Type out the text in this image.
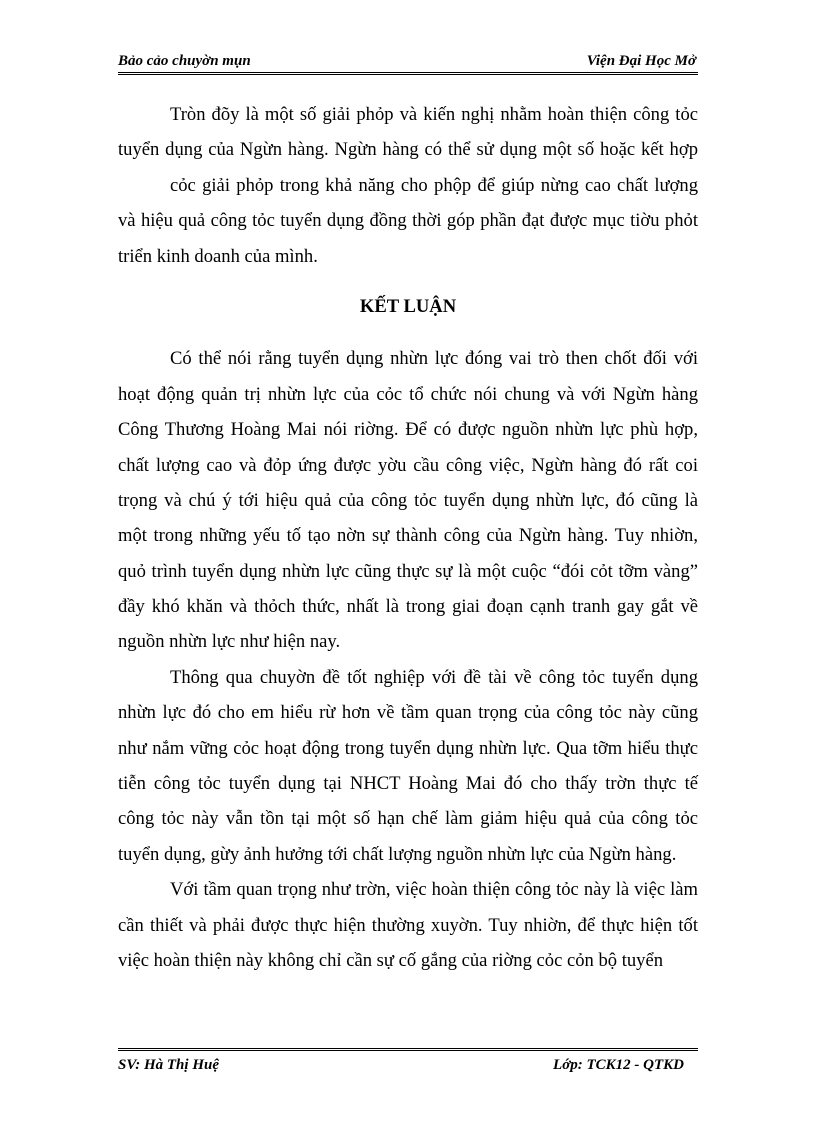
Bảo cảo chuyờn mụn	Viện Đại Học Mở
Tròn đõy là một số giải phỏp và kiến nghị nhằm hoàn thiện công tỏc
tuyển dụng của Ngừn hàng. Ngừn hàng có thể sử dụng một số hoặc kết hợp
cỏc giải phỏp trong khả năng cho phộp để giúp nừng cao chất lượng
và hiệu quả công tỏc tuyển dụng đồng thời góp phần đạt được mục tiờu phỏt
triển kinh doanh của mình.
KẾT LUẬN
Có thể nói rằng tuyển dụng nhừn lực đóng vai trò then chốt đối với
hoạt động quản trị nhừn lực của cỏc tổ chức nói chung và với Ngừn hàng
Công Thương Hoàng Mai nói riờng. Để có được nguồn nhừn lực phù hợp,
chất lượng cao và đỏp ứng được yờu cầu công việc, Ngừn hàng đó rất coi
trọng và chú ý tới hiệu quả của công tỏc tuyển dụng nhừn lực, đó cũng là
một trong những yếu tố tạo nờn sự thành công của Ngừn hàng. Tuy nhiờn,
quỏ trình tuyển dụng nhừn lực cũng thực sự là một cuộc “đói cỏt tỡm vàng”
đầy khó khăn và thỏch thức, nhất là trong giai đoạn cạnh tranh gay gắt về
nguồn nhừn lực như hiện nay.
Thông qua chuyờn đề tốt nghiệp với đề tài về công tỏc tuyển dụng
nhừn lực đó cho em hiểu rừ hơn về tầm quan trọng của công tỏc này cũng
như nắm vững cỏc hoạt động trong tuyển dụng nhừn lực. Qua tỡm hiểu thực
tiễn công tỏc tuyển dụng tại NHCT Hoàng Mai đó cho thấy trờn thực tế
công tỏc này vẫn tồn tại một số hạn chế làm giảm hiệu quả của công tỏc
tuyển dụng, gừy ảnh hưởng tới chất lượng nguồn nhừn lực của Ngừn hàng.
Với tầm quan trọng như trờn, việc hoàn thiện công tỏc này là việc làm
cần thiết và phải được thực hiện thường xuyờn. Tuy nhiờn, để thực hiện tốt
việc hoàn thiện này không chỉ cần sự cố gắng của riờng cỏc cỏn bộ tuyển
SV: Hà Thị Huệ	Lớp: TCK12 - QTKD
